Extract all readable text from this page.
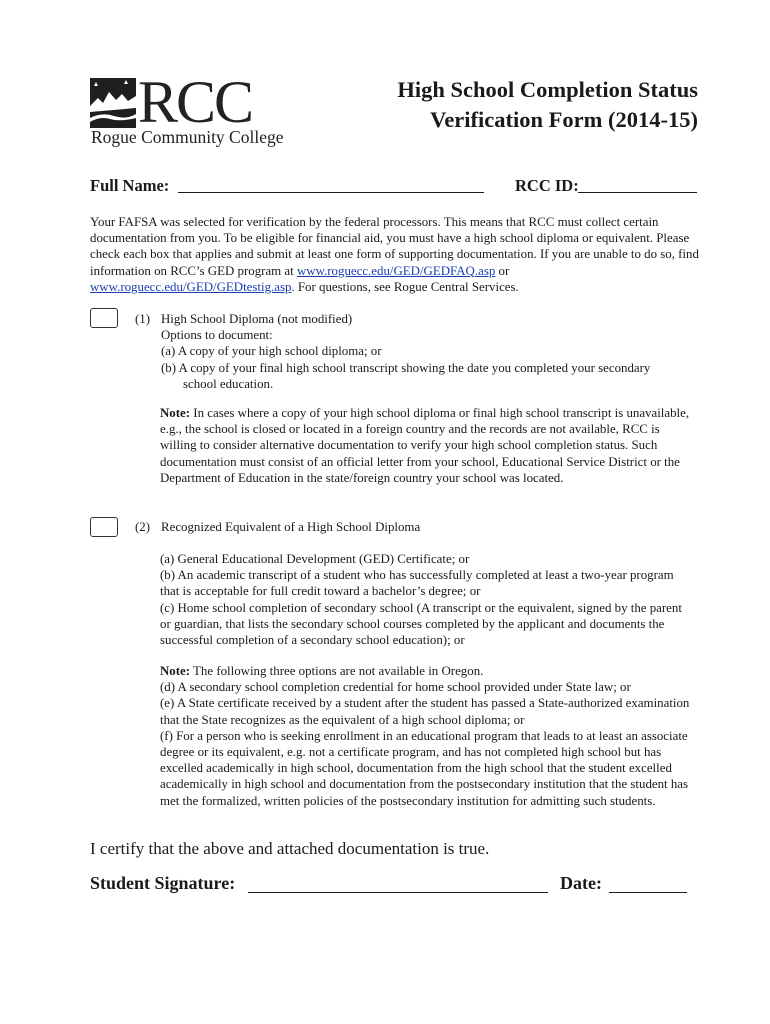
RCC
Rogue Community College
High School Completion Status
Verification Form (2014-15)
Full Name:	RCC ID:
Your FAFSA was selected for verification by the federal processors. This means that RCC must collect certain documentation from you. To be eligible for financial aid, you must have a high school diploma or equivalent. Please check each box that applies and submit at least one form of supporting documentation. If you are unable to do so, find information on RCC’s GED program at www.roguecc.edu/GED/GEDFAQ.asp or www.roguecc.edu/GED/GEDtestig.asp. For questions, see Rogue Central Services.
(1) High School Diploma (not modified)
Options to document:
(a) A copy of your high school diploma; or
(b) A copy of your final high school transcript showing the date you completed your secondary
school education.
Note: In cases where a copy of your high school diploma or final high school transcript is unavailable, e.g., the school is closed or located in a foreign country and the records are not available, RCC is willing to consider alternative documentation to verify your high school completion status. Such documentation must consist of an official letter from your school, Educational Service District or the Department of Education in the state/foreign country your school was located.
(2) Recognized Equivalent of a High School Diploma
(a) General Educational Development (GED) Certificate; or
(b) An academic transcript of a student who has successfully completed at least a two-year program that is acceptable for full credit toward a bachelor’s degree; or
(c) Home school completion of secondary school (A transcript or the equivalent, signed by the parent or guardian, that lists the secondary school courses completed by the applicant and documents the successful completion of a secondary school education); or
Note: The following three options are not available in Oregon.
(d) A secondary school completion credential for home school provided under State law; or
(e) A State certificate received by a student after the student has passed a State-authorized examination that the State recognizes as the equivalent of a high school diploma; or
(f) For a person who is seeking enrollment in an educational program that leads to at least an associate degree or its equivalent, e.g. not a certificate program, and has not completed high school but has excelled academically in high school, documentation from the high school that the student excelled academically in high school and documentation from the postsecondary institution that the student has met the formalized, written policies of the postsecondary institution for admitting such students.
I certify that the above and attached documentation is true.
Student Signature:	Date:
